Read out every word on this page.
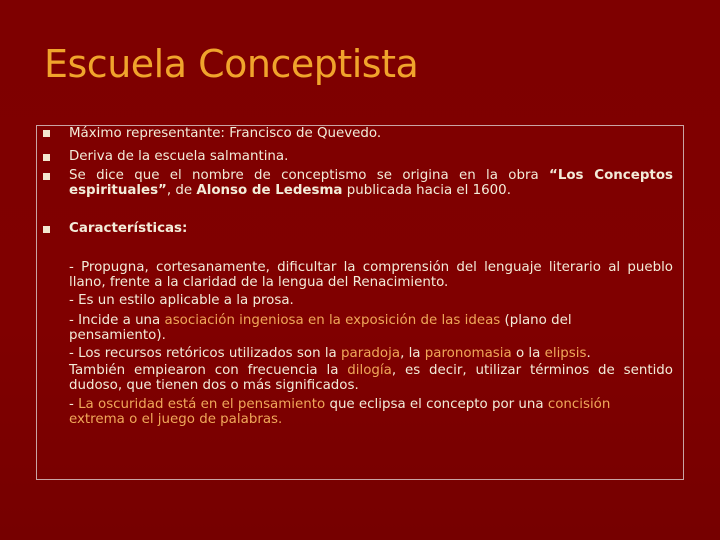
Escuela Conceptista
Máximo representante: Francisco de Quevedo.
Deriva de la escuela salmantina.
Se dice que el nombre de conceptismo se origina en la obra “Los Conceptos
espirituales”, de Alonso de Ledesma publicada hacia el 1600.
Características:
- Propugna, cortesanamente, dificultar la comprensión del lenguaje literario al pueblo
llano, frente a la claridad de la lengua del Renacimiento.
- Es un estilo aplicable a la prosa.
- Incide a una asociación ingeniosa en la exposición de las ideas (plano del
pensamiento).
- Los recursos retóricos utilizados son la paradoja, la paronomasia o la elipsis.
También empiearon con frecuencia la dilogía, es decir, utilizar términos de sentido
dudoso, que tienen dos o más significados.
- La oscuridad está en el pensamiento que eclipsa el concepto por una concisión
extrema o el juego de palabras.
